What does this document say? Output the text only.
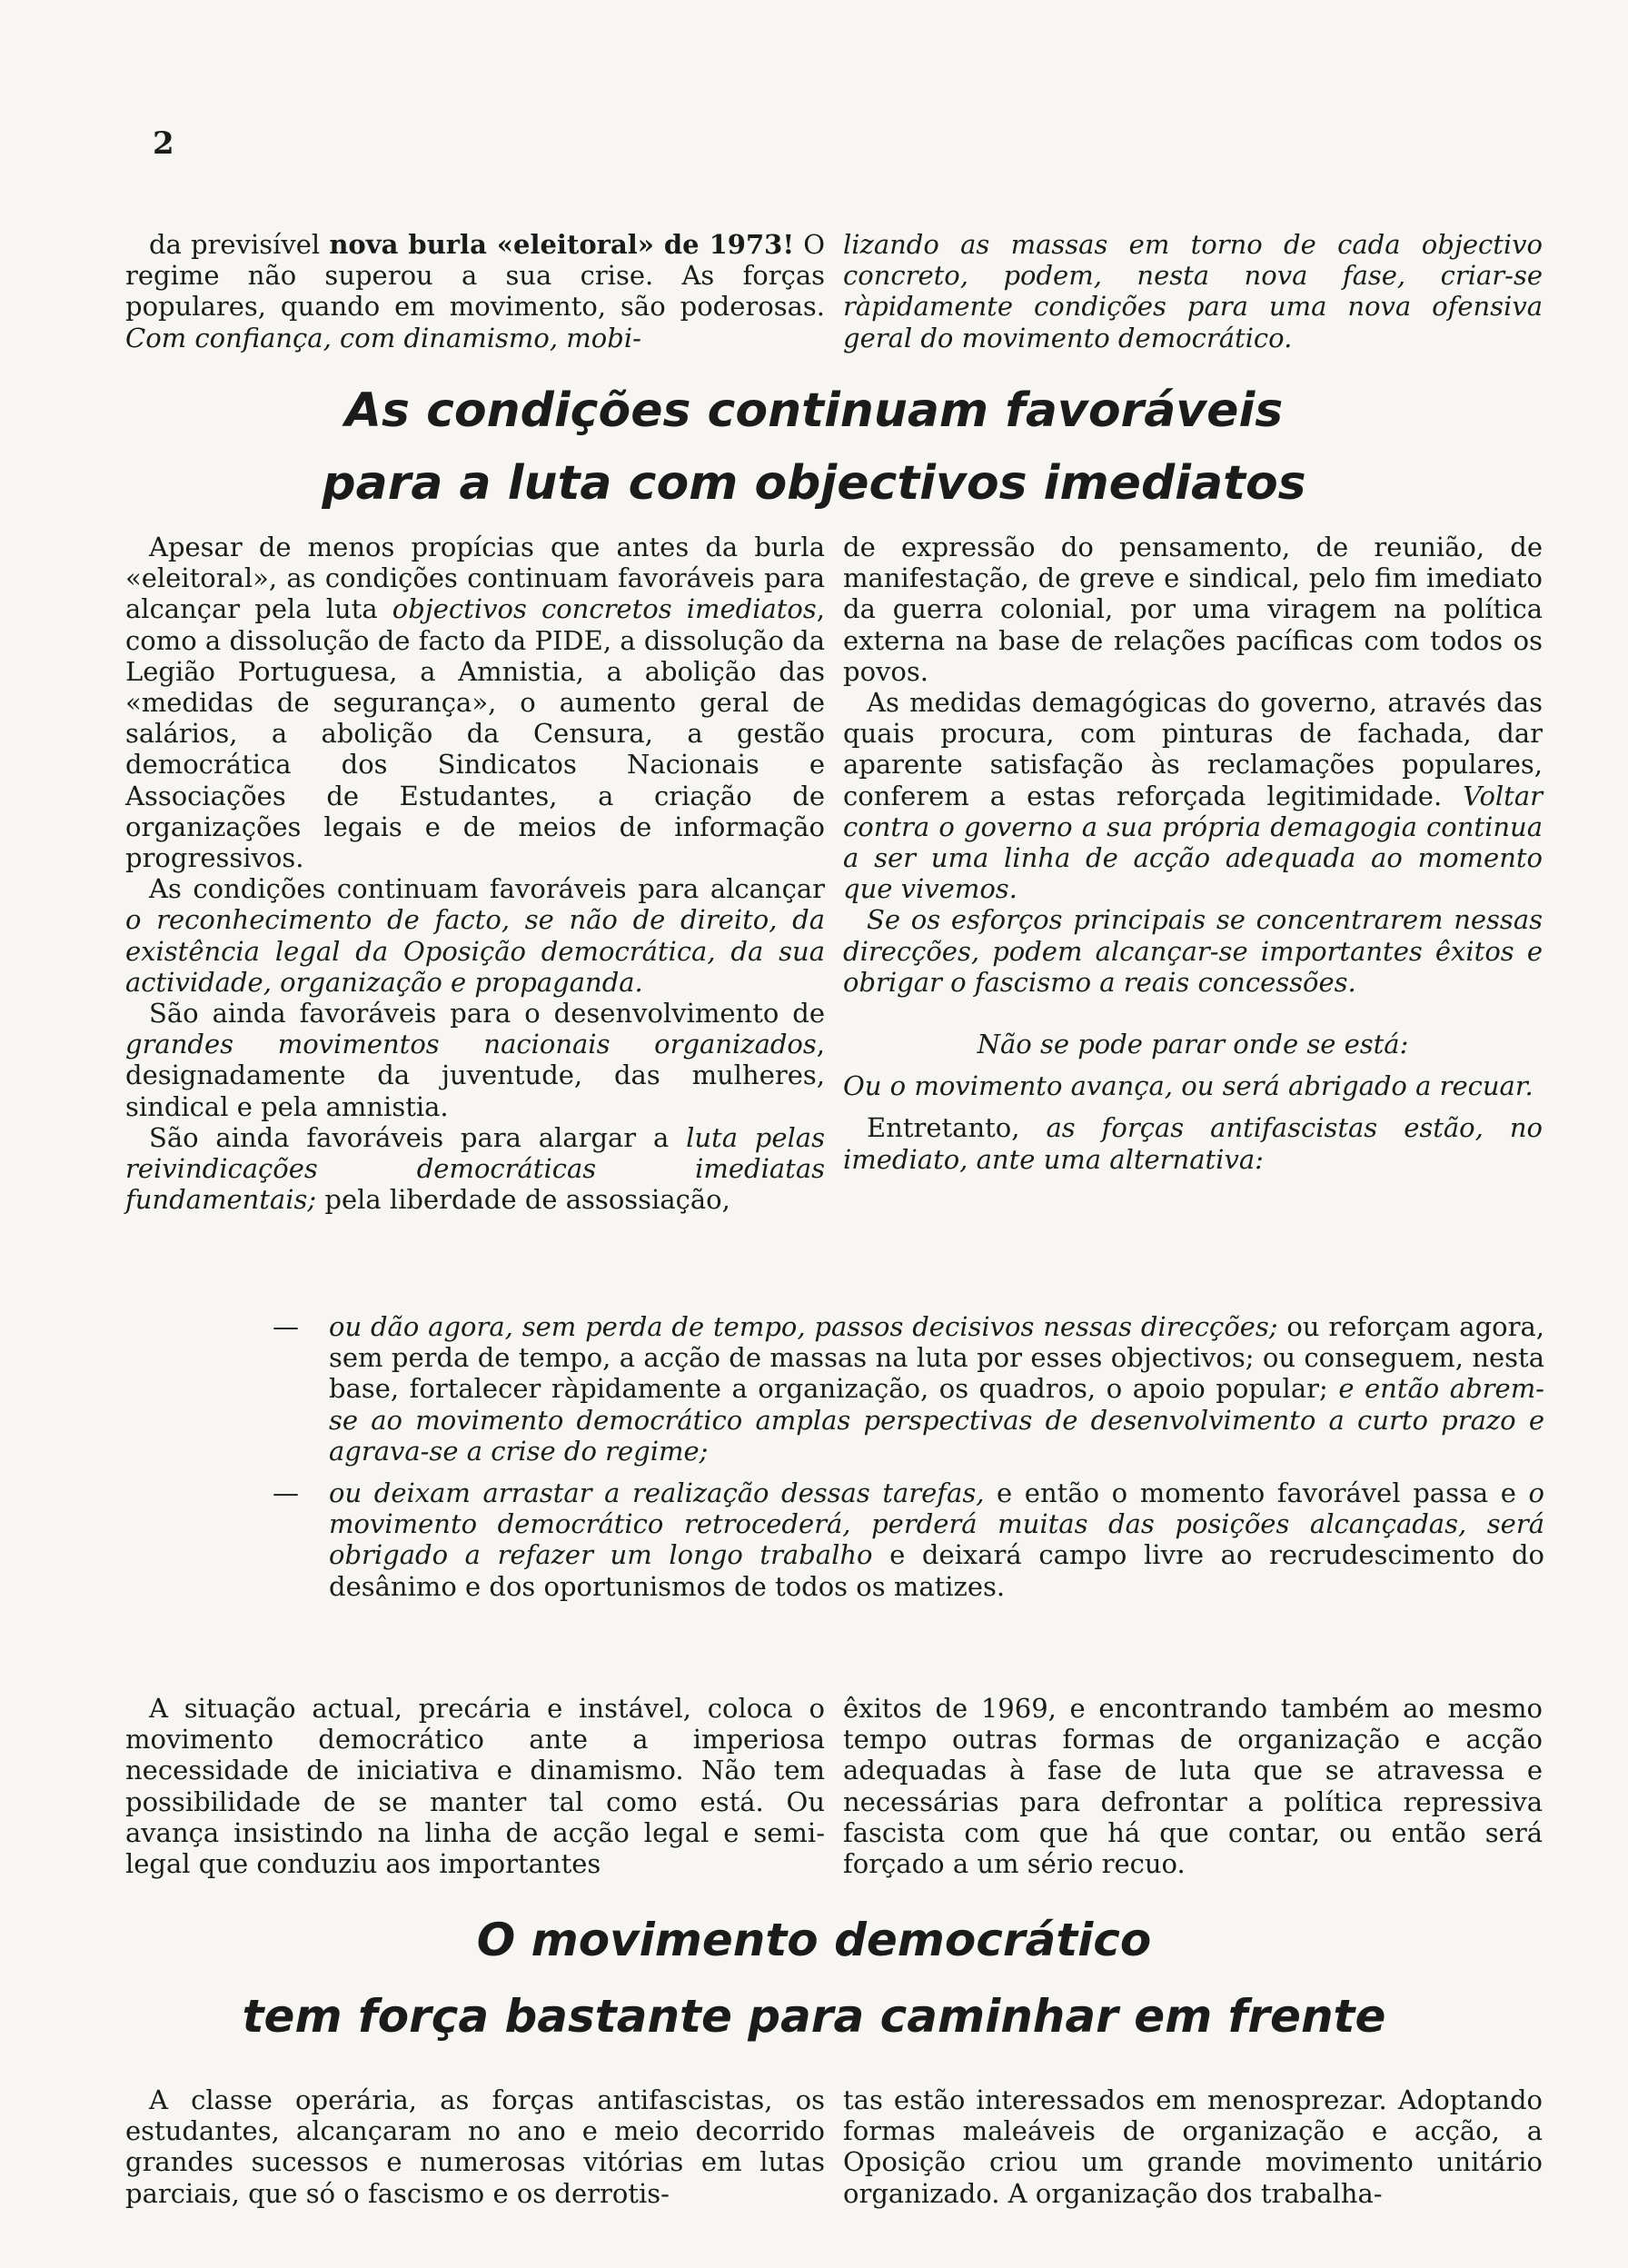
2

da previsível nova burla «eleitoral» de 1973! O regime não superou a sua crise. As forças populares, quando em movimento, são poderosas. Com confiança, com dinamismo, mobi-

lizando as massas em torno de cada objectivo concreto, podem, nesta nova fase, criar-se ràpidamente condições para uma nova ofensiva geral do movimento democrático.

As condições continuam favoráveis
para a luta com objectivos imediatos

Apesar de menos propícias que antes da burla «eleitoral», as condições continuam favoráveis para alcançar pela luta objectivos concretos imediatos, como a dissolução de facto da PIDE, a dissolução da Legião Portuguesa, a Amnistia, a abolição das «medidas de segurança», o aumento geral de salários, a abolição da Censura, a gestão democrática dos Sindicatos Nacionais e Associações de Estudantes, a criação de organizações legais e de meios de informação progressivos.

As condições continuam favoráveis para alcançar o reconhecimento de facto, se não de direito, da existência legal da Oposição democrática, da sua actividade, organização e propaganda.

São ainda favoráveis para o desenvolvimento de grandes movimentos nacionais organizados, designadamente da juventude, das mulheres, sindical e pela amnistia.

São ainda favoráveis para alargar a luta pelas reivindicações democráticas imediatas fundamentais; pela liberdade de assossiação,

de expressão do pensamento, de reunião, de manifestação, de greve e sindical, pelo fim imediato da guerra colonial, por uma viragem na política externa na base de relações pacíficas com todos os povos.

As medidas demagógicas do governo, através das quais procura, com pinturas de fachada, dar aparente satisfação às reclamações populares, conferem a estas reforçada legitimidade. Voltar contra o governo a sua própria demagogia continua a ser uma linha de acção adequada ao momento que vivemos.

Se os esforços principais se concentrarem nessas direcções, podem alcançar-se importantes êxitos e obrigar o fascismo a reais concessões.

Não se pode parar onde se está:

Ou o movimento avança, ou será abrigado a recuar.

Entretanto, as forças antifascistas estão, no imediato, ante uma alternativa:

— ou dão agora, sem perda de tempo, passos decisivos nessas direcções; ou reforçam agora, sem perda de tempo, a acção de massas na luta por esses objectivos; ou conseguem, nesta base, fortalecer ràpidamente a organização, os quadros, o apoio popular; e então abrem-se ao movimento democrático amplas perspectivas de desenvolvimento a curto prazo e agrava-se a crise do regime;
— ou deixam arrastar a realização dessas tarefas, e então o momento favorável passa e o movimento democrático retrocederá, perderá muitas das posições alcançadas, será obrigado a refazer um longo trabalho e deixará campo livre ao recrudescimento do desânimo e dos oportunismos de todos os matizes.

A situação actual, precária e instável, coloca o movimento democrático ante a imperiosa necessidade de iniciativa e dinamismo. Não tem possibilidade de se manter tal como está. Ou avança insistindo na linha de acção legal e semi-legal que conduziu aos importantes

êxitos de 1969, e encontrando também ao mesmo tempo outras formas de organização e acção adequadas à fase de luta que se atravessa e necessárias para defrontar a política repressiva fascista com que há que contar, ou então será forçado a um sério recuo.

O movimento democrático
tem força bastante para caminhar em frente

A classe operária, as forças antifascistas, os estudantes, alcançaram no ano e meio decorrido grandes sucessos e numerosas vitórias em lutas parciais, que só o fascismo e os derrotis-

tas estão interessados em menosprezar. Adoptando formas maleáveis de organização e acção, a Oposição criou um grande movimento unitário organizado. A organização dos trabalha-
